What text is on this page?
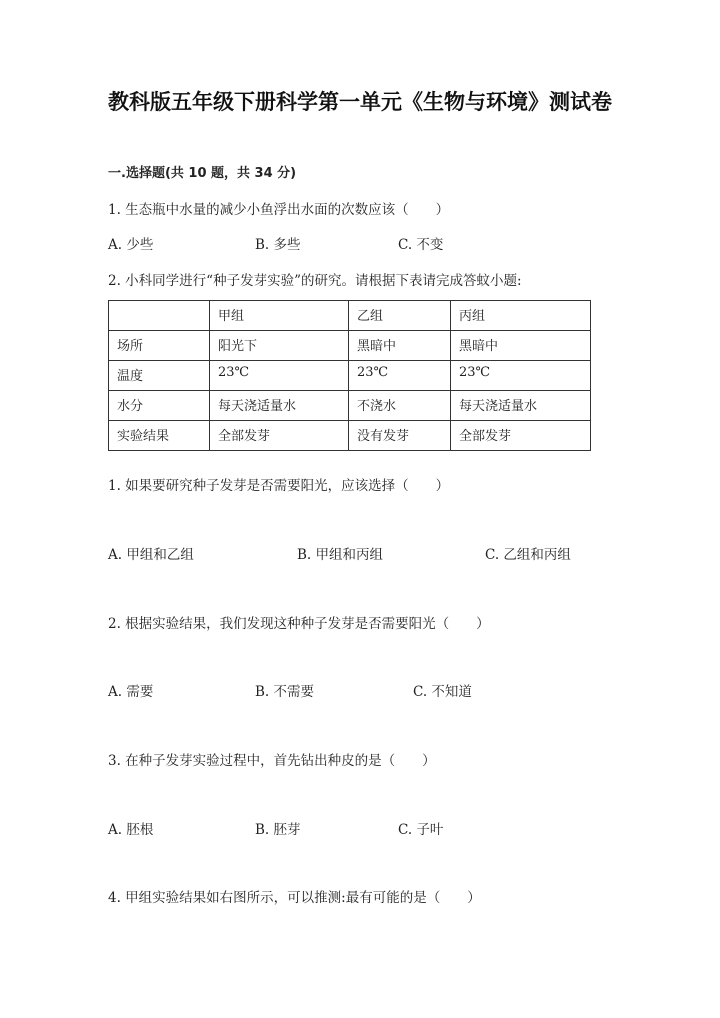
教科版五年级下册科学第一单元《生物与环境》测试卷
一.选择题(共 10 题，共 34 分)
1. 生态瓶中水量的减少小鱼浮出水面的次数应该（　　）
A. 少些	B. 多些	C. 不变
2. 小科同学进行“种子发芽实验”的研究。请根据下表请完成答蚊小题:
	甲组	乙组	丙组
场所	阳光下	黑暗中	黑暗中
温度	23℃	23℃	23℃
水分	每天浇适量水	不浇水	每天浇适量水
实验结果	全部发芽	没有发芽	全部发芽
1. 如果要研究种子发芽是否需要阳光，应该选择（　　）
A. 甲组和乙组	B. 甲组和丙组	C. 乙组和丙组
2. 根据实验结果，我们发现这种种子发芽是否需要阳光（　　）
A. 需要	B. 不需要	C. 不知道
3. 在种子发芽实验过程中，首先钻出种皮的是（　　）
A. 胚根	B. 胚芽	C. 子叶
4. 甲组实验结果如右图所示，可以推测:最有可能的是（　　）
